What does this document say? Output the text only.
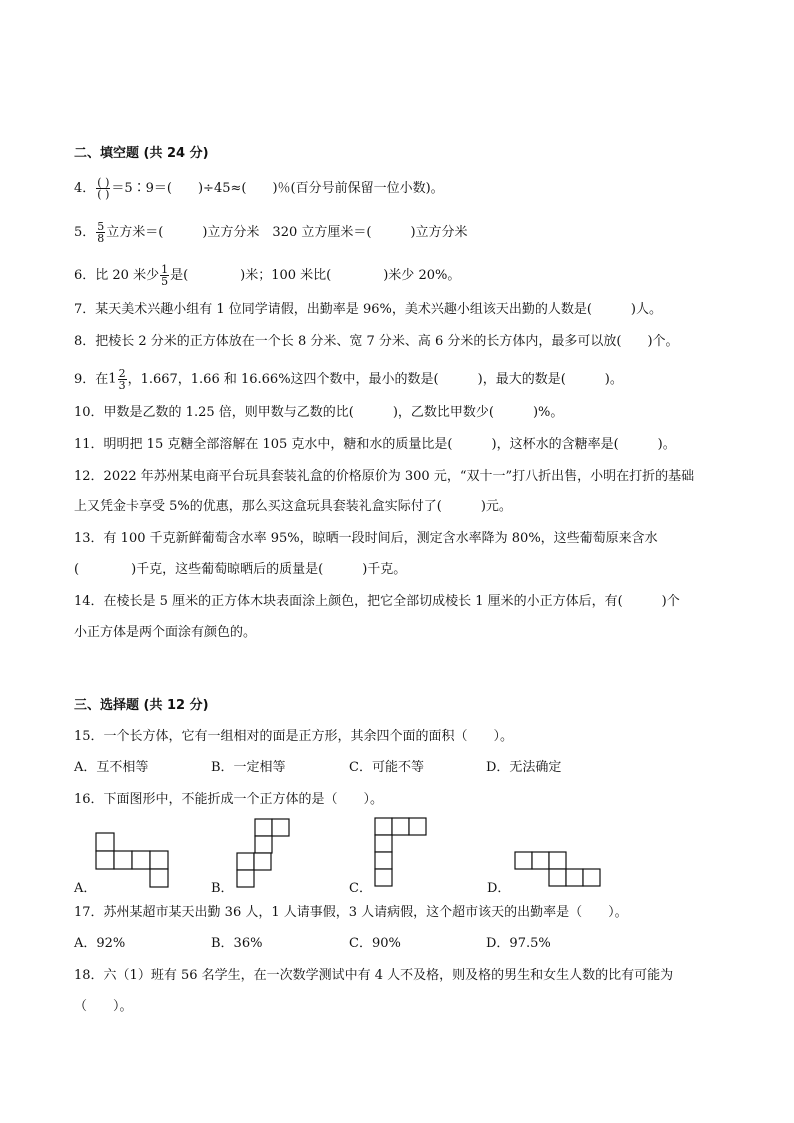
二、填空题 (共 24 分)
4． $\frac{( )}{( )}$ ＝5∶9＝(　　)÷45≈(　　)％(百分号前保留一位小数)。
5． $\frac{5}{8}$ 立方米＝(　　　)立方分米　320 立方厘米＝(　　　)立方分米
6．比 20 米少 $\frac{1}{5}$ 是(　　　　)米；100 米比(　　　　)米少 20%。
7．某天美术兴趣小组有 1 位同学请假，出勤率是 96%，美术兴趣小组该天出勤的人数是(　　　)人。
8．把棱长 2 分米的正方体放在一个长 8 分米、宽 7 分米、高 6 分米的长方体内，最多可以放(　　)个。
9．在$1 \frac{2}{3}$ ，1.667，1.66 和 16.66%这四个数中，最小的数是(　　　)，最大的数是(　　　)。
10．甲数是乙数的 1.25 倍，则甲数与乙数的比(　　　)，乙数比甲数少(　　　)%。
11．明明把 15 克糖全部溶解在 105 克水中，糖和水的质量比是(　　　)，这杯水的含糖率是(　　　)。
12．2022 年苏州某电商平台玩具套装礼盒的价格原价为 300 元，“双十一”打八折出售，小明在打折的基础
上又凭金卡享受 5%的优惠，那么买这盒玩具套装礼盒实际付了(　　　)元。
13．有 100 千克新鲜葡萄含水率 95%，晾晒一段时间后，测定含水率降为 80%，这些葡萄原来含水
(　　　　)千克，这些葡萄晾晒后的质量是(　　　)千克。
14．在棱长是 5 厘米的正方体木块表面涂上颜色，把它全部切成棱长 1 厘米的小正方体后，有(　　　)个
小正方体是两个面涂有颜色的。
三、选择题 (共 12 分)
15．一个长方体，它有一组相对的面是正方形，其余四个面的面积（　　）。
A．互不相等	B．一定相等	C．可能不等	D．无法确定
16．下面图形中，不能折成一个正方体的是（　　）。
A．	B．	C．	D．
17．苏州某超市某天出勤 36 人，1 人请事假，3 人请病假，这个超市该天的出勤率是（　　）。
A．92%	B．36%	C．90%	D．97.5%
18．六（1）班有 56 名学生，在一次数学测试中有 4 人不及格，则及格的男生和女生人数的比有可能为
（　　）。
